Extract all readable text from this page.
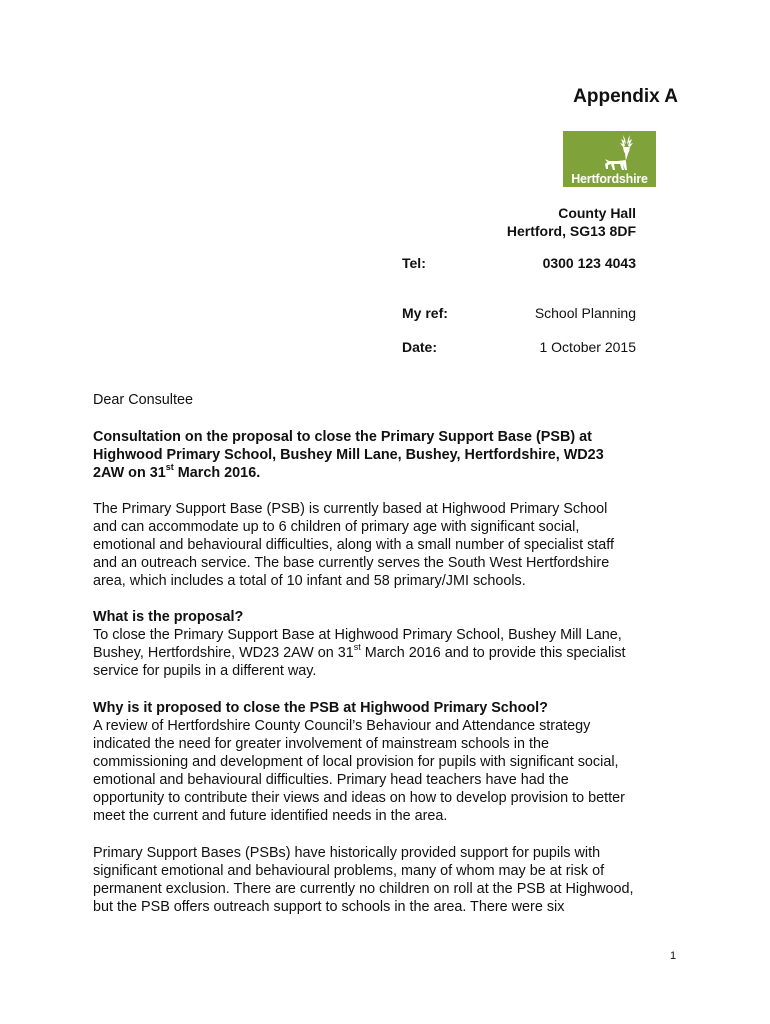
Appendix A
Hertfordshire
County Hall
Hertford, SG13 8DF
Tel:	0300 123 4043
My ref:	School Planning
Date:	1 October 2015
Dear Consultee
Consultation on the proposal to close the Primary Support Base (PSB) at
Highwood Primary School, Bushey Mill Lane, Bushey, Hertfordshire, WD23
2AW on 31st March 2016.
The Primary Support Base (PSB) is currently based at Highwood Primary School
and can accommodate up to 6 children of primary age with significant social,
emotional and behavioural difficulties, along with a small number of specialist staff
and an outreach service. The base currently serves the South West Hertfordshire
area, which includes a total of 10 infant and 58 primary/JMI schools.
What is the proposal?
To close the Primary Support Base at Highwood Primary School, Bushey Mill Lane,
Bushey, Hertfordshire, WD23 2AW on 31st March 2016 and to provide this specialist
service for pupils in a different way.
Why is it proposed to close the PSB at Highwood Primary School?
A review of Hertfordshire County Council’s Behaviour and Attendance strategy
indicated the need for greater involvement of mainstream schools in the
commissioning and development of local provision for pupils with significant social,
emotional and behavioural difficulties. Primary head teachers have had the
opportunity to contribute their views and ideas on how to develop provision to better
meet the current and future identified needs in the area.
Primary Support Bases (PSBs) have historically provided support for pupils with
significant emotional and behavioural problems, many of whom may be at risk of
permanent exclusion. There are currently no children on roll at the PSB at Highwood,
but the PSB offers outreach support to schools in the area. There were six
1
